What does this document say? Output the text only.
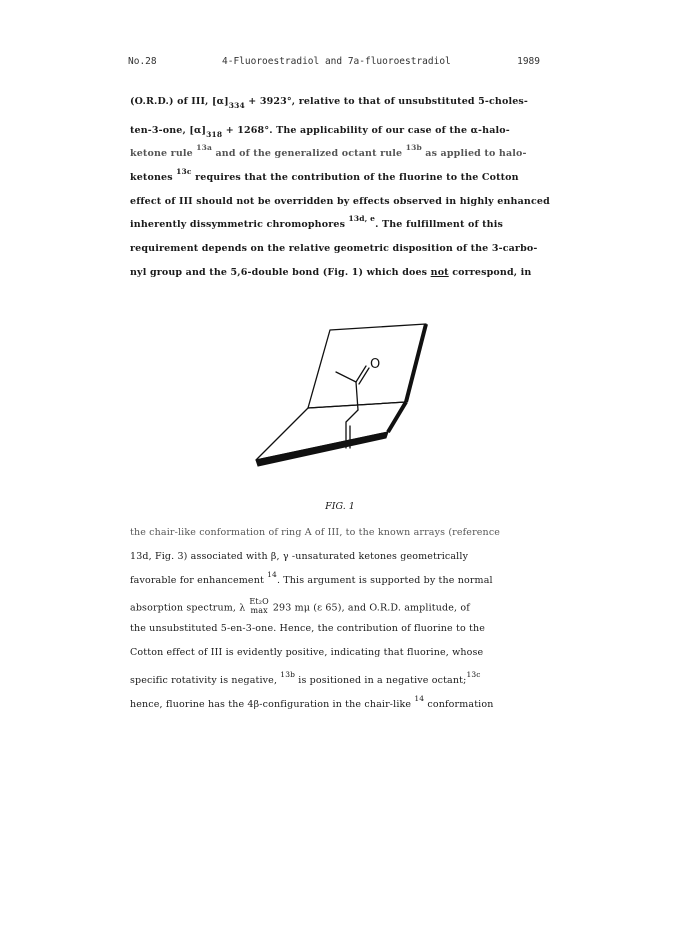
No.28	4-Fluoroestradiol and 7a-fluoroestradiol	1989
(O.R.D.) of III, $[\alpha]_{334} + 3923^\circ$, relative to that of unsubstituted 5-choles-
ten-3-one, $[\alpha]_{318} + 1268^\circ$. The applicability of our case of the α-halo-
ketone rule $^{13a}$ and of the generalized octant rule $^{13b}$ as applied to halo-
ketones $^{13c}$ requires that the contribution of the fluorine to the Cotton
effect of III should not be overridden by effects observed in highly enhanced
inherently dissymmetric chromophores $^{13d, e}$. The fulfillment of this
requirement depends on the relative geometric disposition of the 3-carbo-
nyl group and the 5,6-double bond (Fig. 1) which does not correspond, in
O
FIG. 1
the chair-like conformation of ring A of III, to the known arrays (reference
13d, Fig. 3) associated with β, γ -unsaturated ketones geometrically
favorable for enhancement $^{14}$. This argument is supported by the normal
absorption spectrum, λ
Et₂O
max 293 mμ (ε 65), and O.R.D. amplitude, of
the unsubstituted 5-en-3-one. Hence, the contribution of fluorine to the
Cotton effect of III is evidently positive, indicating that fluorine, whose
specific rotativity is negative, $^{13b}$ is positioned in a negative octant;$^{13c}$
hence, fluorine has the 4β-configuration in the chair-like $^{14}$ conformation
